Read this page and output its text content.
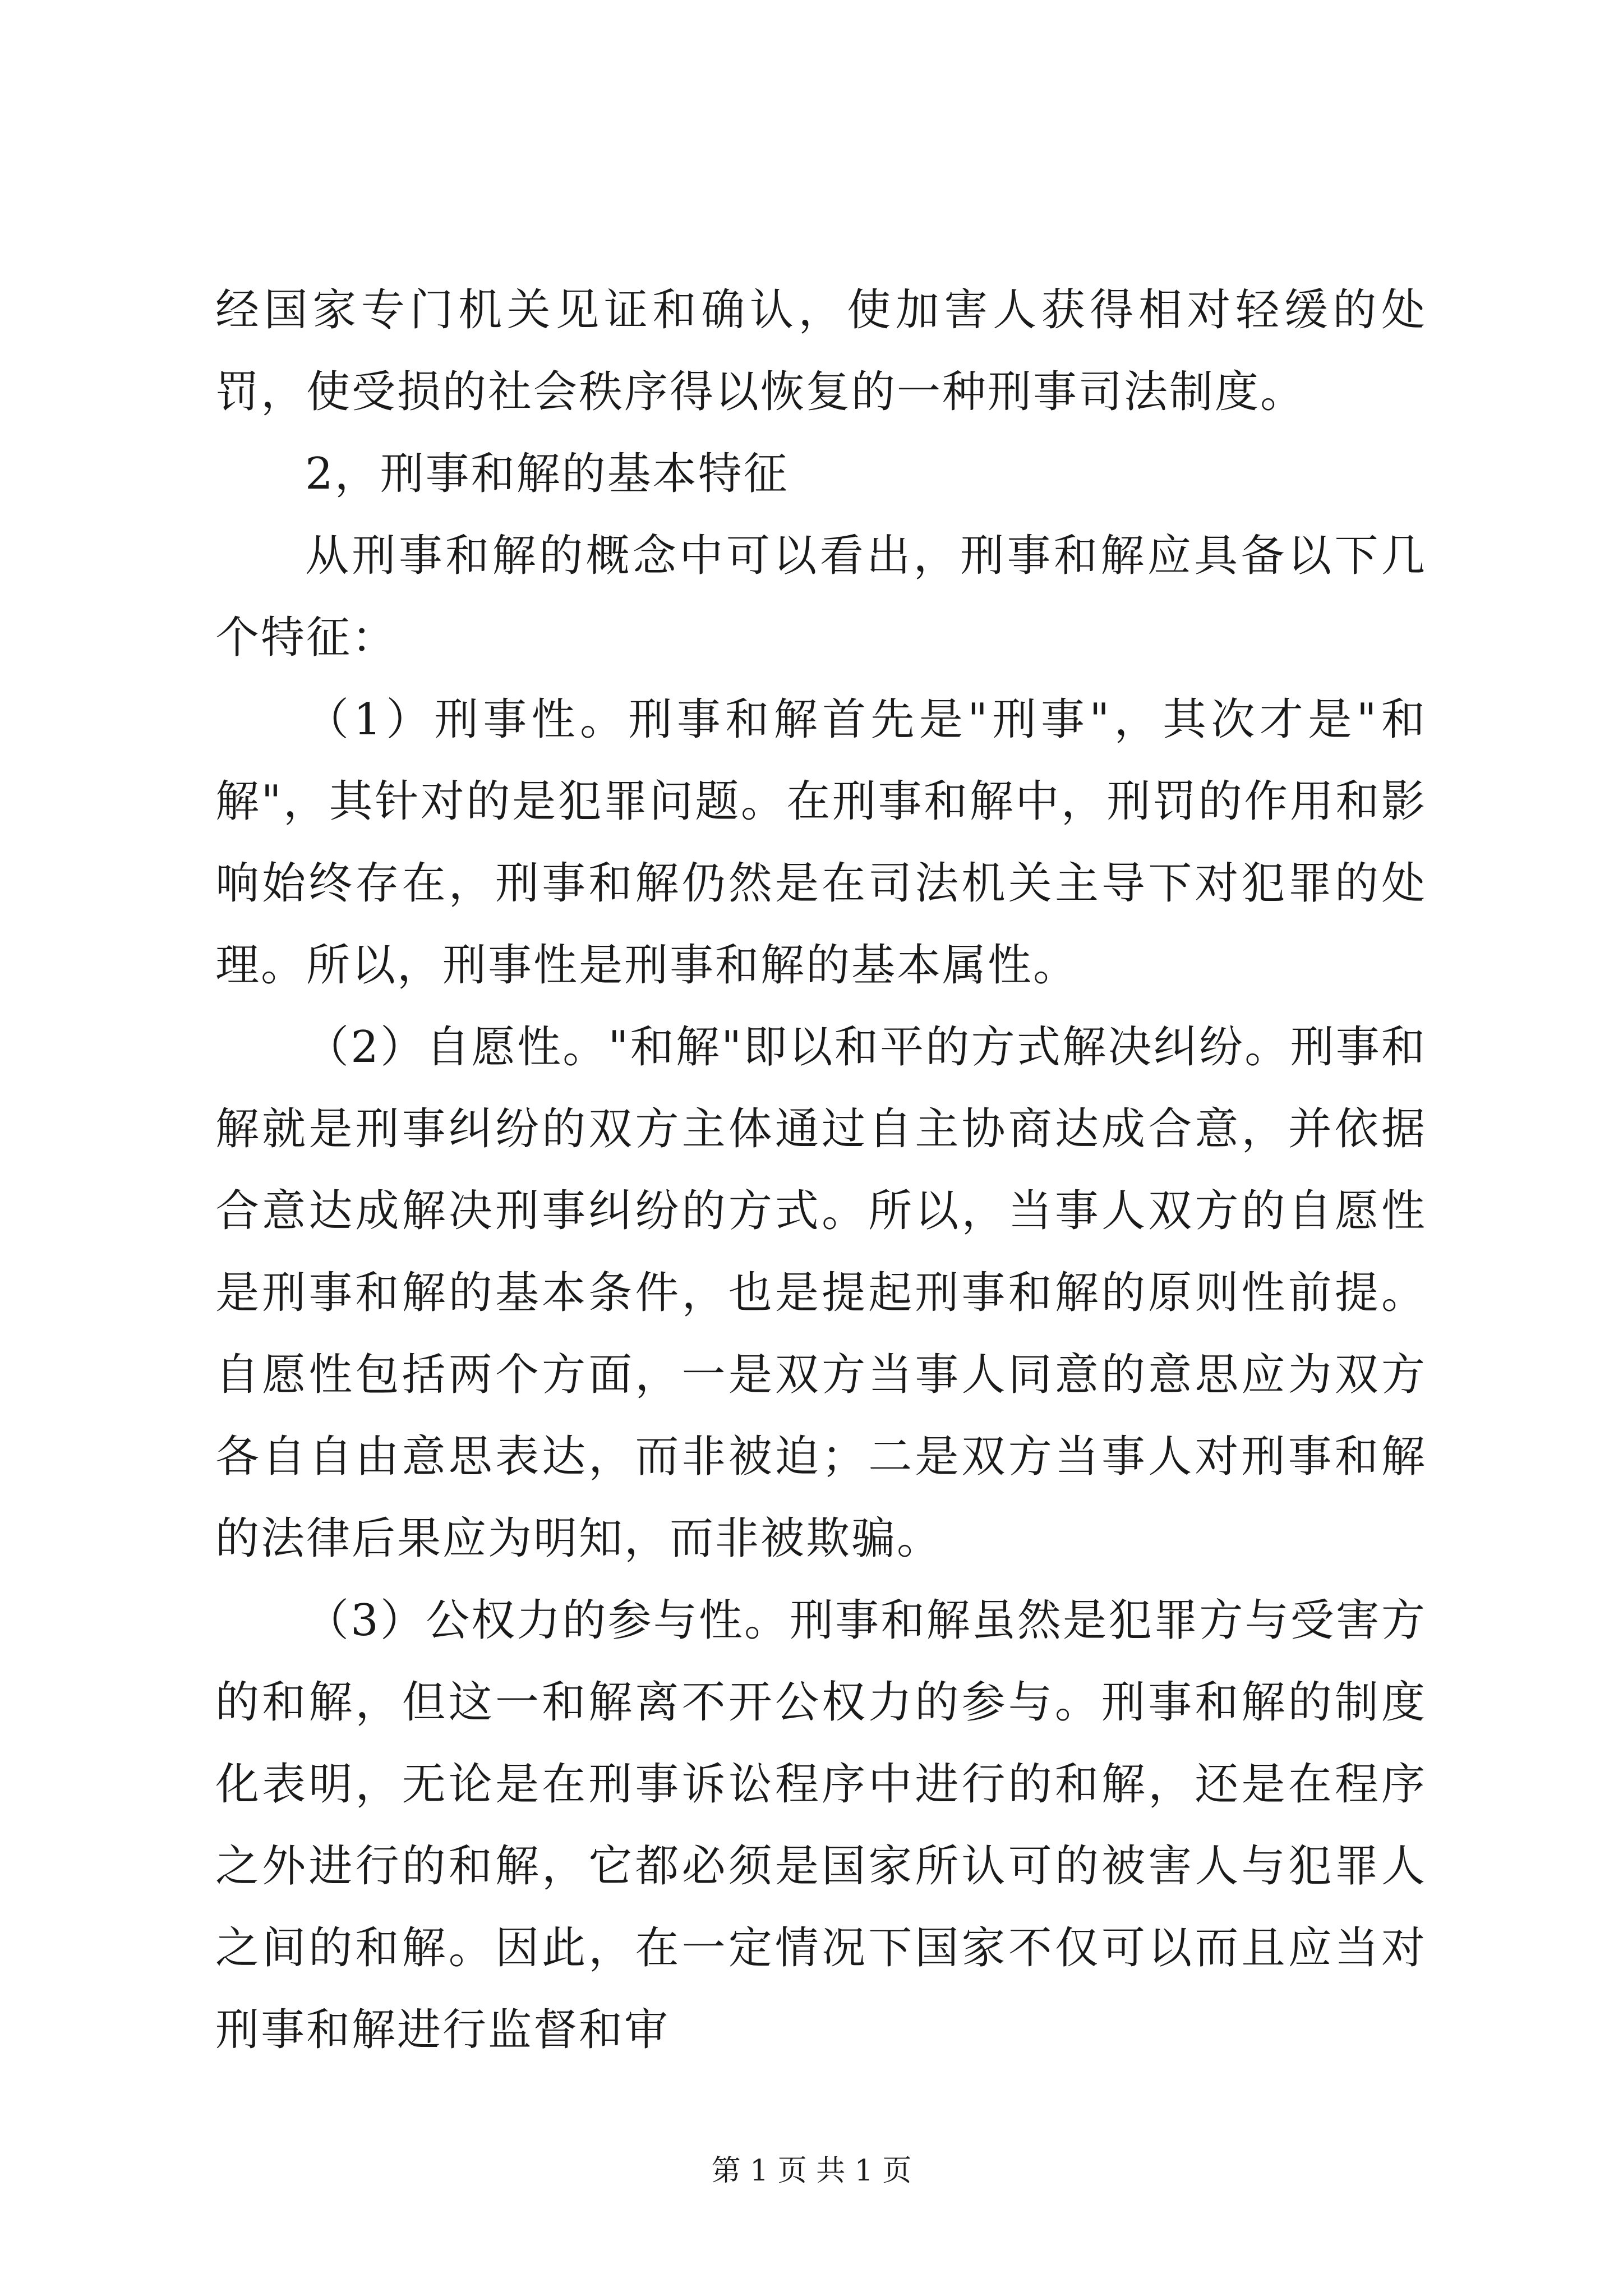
经国家专门机关见证和确认，使加害人获得相对轻缓的处罚，使受损的社会秩序得以恢复的一种刑事司法制度。

2，刑事和解的基本特征

从刑事和解的概念中可以看出，刑事和解应具备以下几个特征：

（1）刑事性。刑事和解首先是"刑事"，其次才是"和解"，其针对的是犯罪问题。在刑事和解中，刑罚的作用和影响始终存在，刑事和解仍然是在司法机关主导下对犯罪的处理。所以，刑事性是刑事和解的基本属性。

（2）自愿性。"和解"即以和平的方式解决纠纷。刑事和解就是刑事纠纷的双方主体通过自主协商达成合意，并依据合意达成解决刑事纠纷的方式。所以，当事人双方的自愿性是刑事和解的基本条件，也是提起刑事和解的原则性前提。自愿性包括两个方面，一是双方当事人同意的意思应为双方各自自由意思表达，而非被迫；二是双方当事人对刑事和解的法律后果应为明知，而非被欺骗。

（3）公权力的参与性。刑事和解虽然是犯罪方与受害方的和解，但这一和解离不开公权力的参与。刑事和解的制度化表明，无论是在刑事诉讼程序中进行的和解，还是在程序之外进行的和解，它都必须是国家所认可的被害人与犯罪人之间的和解。因此，在一定情况下国家不仅可以而且应当对刑事和解进行监督和审

第 1 页 共 1 页
